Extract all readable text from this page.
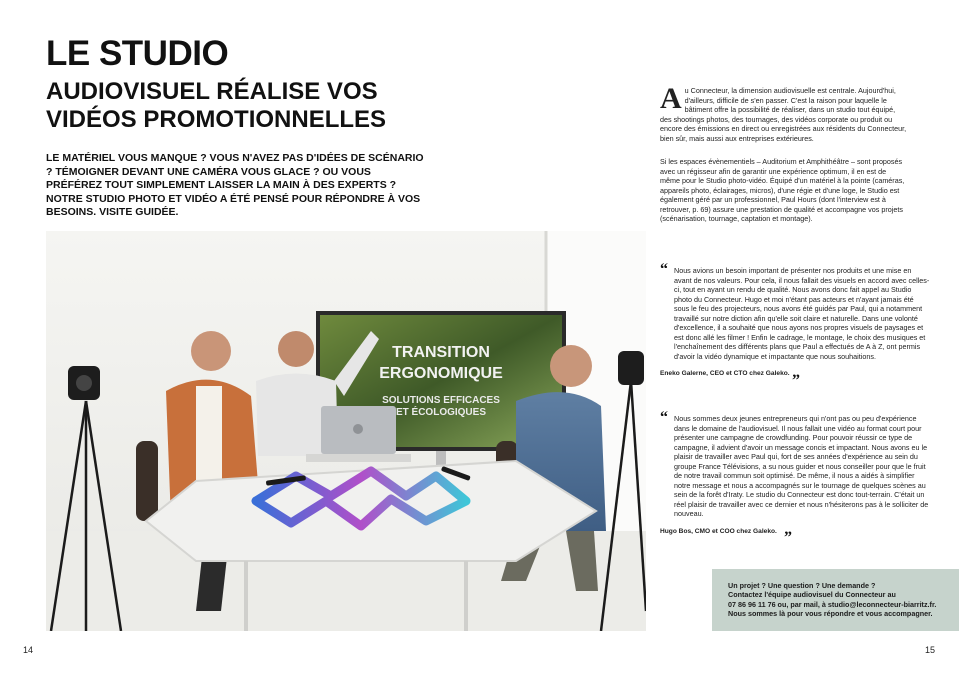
LE STUDIO
AUDIOVISUEL RÉALISE VOS
VIDÉOS PROMOTIONNELLES
LE MATÉRIEL VOUS MANQUE ? VOUS N'AVEZ PAS D'IDÉES DE SCÉNARIO ? TÉMOIGNER DEVANT UNE CAMÉRA VOUS GLACE ? OU VOUS PRÉFÉREZ TOUT SIMPLEMENT LAISSER LA MAIN À DES EXPERTS ? NOTRE STUDIO PHOTO ET VIDÉO A ÉTÉ PENSÉ POUR RÉPONDRE À VOS BESOINS. VISITE GUIDÉE.
TRANSITION
ERGONOMIQUE
SOLUTIONS EFFICACES
ET ÉCOLOGIQUES
14
Au Connecteur, la dimension audiovisuelle est centrale. Aujourd'hui, d'ailleurs, difficile de s'en passer. C'est la raison pour laquelle le bâtiment offre la possibilité de réaliser, dans un studio tout équipé, des shootings photos, des tournages, des vidéos corporate ou produit ou encore des émissions en direct ou enregistrées aux résidents du Connecteur, bien sûr, mais aussi aux entreprises extérieures.
Si les espaces évènementiels – Auditorium et Amphithéâtre – sont proposés avec un régisseur afin de garantir une expérience optimum, il en est de même pour le Studio photo-vidéo. Équipé d'un matériel à la pointe (caméras, appareils photo, éclairages, micros), d'une régie et d'une loge, le Studio est également géré par un professionnel, Paul Hours (dont l'interview est à retrouver, p. 69) assure une prestation de qualité et accompagne vos projets (scénarisation, tournage, captation et montage).
“ Nous avions un besoin important de présenter nos produits et une mise en avant de nos valeurs. Pour cela, il nous fallait des visuels en accord avec celles-ci, tout en ayant un rendu de qualité. Nous avons donc fait appel au Studio photo du Connecteur. Hugo et moi n'étant pas acteurs et n'ayant jamais été sous le feu des projecteurs, nous avons été guidés par Paul, qui a notamment travaillé sur notre diction afin qu'elle soit claire et naturelle. Dans une volonté d'excellence, il a souhaité que nous ayons nos propres visuels de paysages et est donc allé les filmer ! Enfin le cadrage, le montage, le choix des musiques et l'enchaînement des différents plans que Paul a effectués de A à Z, ont permis d'avoir la vidéo dynamique et impactante que nous souhaitions.
Eneko Galerne, CEO et CTO chez Galeko. ”
“ Nous sommes deux jeunes entrepreneurs qui n'ont pas ou peu d'expérience dans le domaine de l'audiovisuel. Il nous fallait une vidéo au format court pour présenter une campagne de crowdfunding. Pour pouvoir réussir ce type de campagne, il advient d'avoir un message concis et impactant. Nous avons eu le plaisir de travailler avec Paul qui, fort de ses années d'expérience au sein du groupe France Télévisions, a su nous guider et nous conseiller pour que le fruit de notre travail commun soit optimisé. De même, il nous a aidés à simplifier notre message et nous a accompagnés sur le tournage de quelques scènes au sein de la forêt d'Iraty. Le studio du Connecteur est donc tout-terrain. C'était un réel plaisir de travailler avec ce dernier et nous n'hésiterons pas à le solliciter de nouveau.
Hugo Bos, CMO et COO chez Galeko. ”
Un projet ? Une question ? Une demande ?
Contactez l'équipe audiovisuel du Connecteur au
07 86 96 11 76 ou, par mail, à studio@leconnecteur-biarritz.fr.
Nous sommes là pour vous répondre et vous accompagner.
15
